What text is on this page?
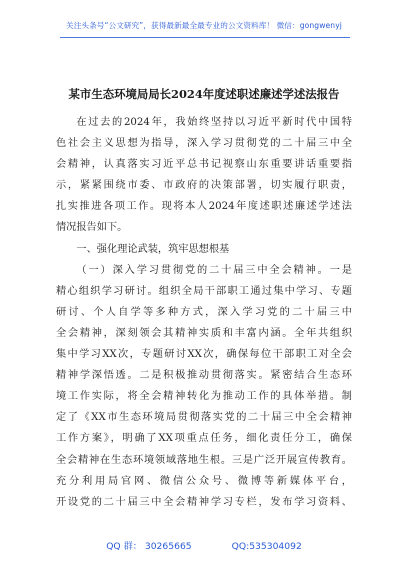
关注头条号“公文研究”，获得最新最全最专业的公文资料库！ 微信：gongwenyj
某市生态环境局局长2024年度述职述廉述学述法报告
在过去的2024年，我始终坚持以习近平新时代中国特
色社会主义思想为指导，深入学习贯彻党的二十届三中全
会精神，认真落实习近平总书记视察山东重要讲话重要指
示，紧紧围绕市委、市政府的决策部署，切实履行职责，
扎实推进各项工作。现将本人2024年度述职述廉述学述法
情况报告如下。
一、强化理论武装，筑牢思想根基
（一）深入学习贯彻党的二十届三中全会精神。一是
精心组织学习研讨。组织全局干部职工通过集中学习、专题
研讨、个人自学等多种方式，深入学习党的二十届三中
全会精神，深刻领会其精神实质和丰富内涵。全年共组织
集中学习XX次，专题研讨XX次，确保每位干部职工对全会
精神学深悟透。二是积极推动贯彻落实。紧密结合生态环
境工作实际，将全会精神转化为推动工作的具体举措。制
定了《XX市生态环境局贯彻落实党的二十届三中全会精神
工作方案》，明确了XX项重点任务，细化责任分工，确保
全会精神在生态环境领域落地生根。三是广泛开展宣传教育。
充分利用局官网、微信公众号、微博等新媒体平台，
开设党的二十届三中全会精神学习专栏，发布学习资料、
QQ 群： 30265665	QQ:535304092
